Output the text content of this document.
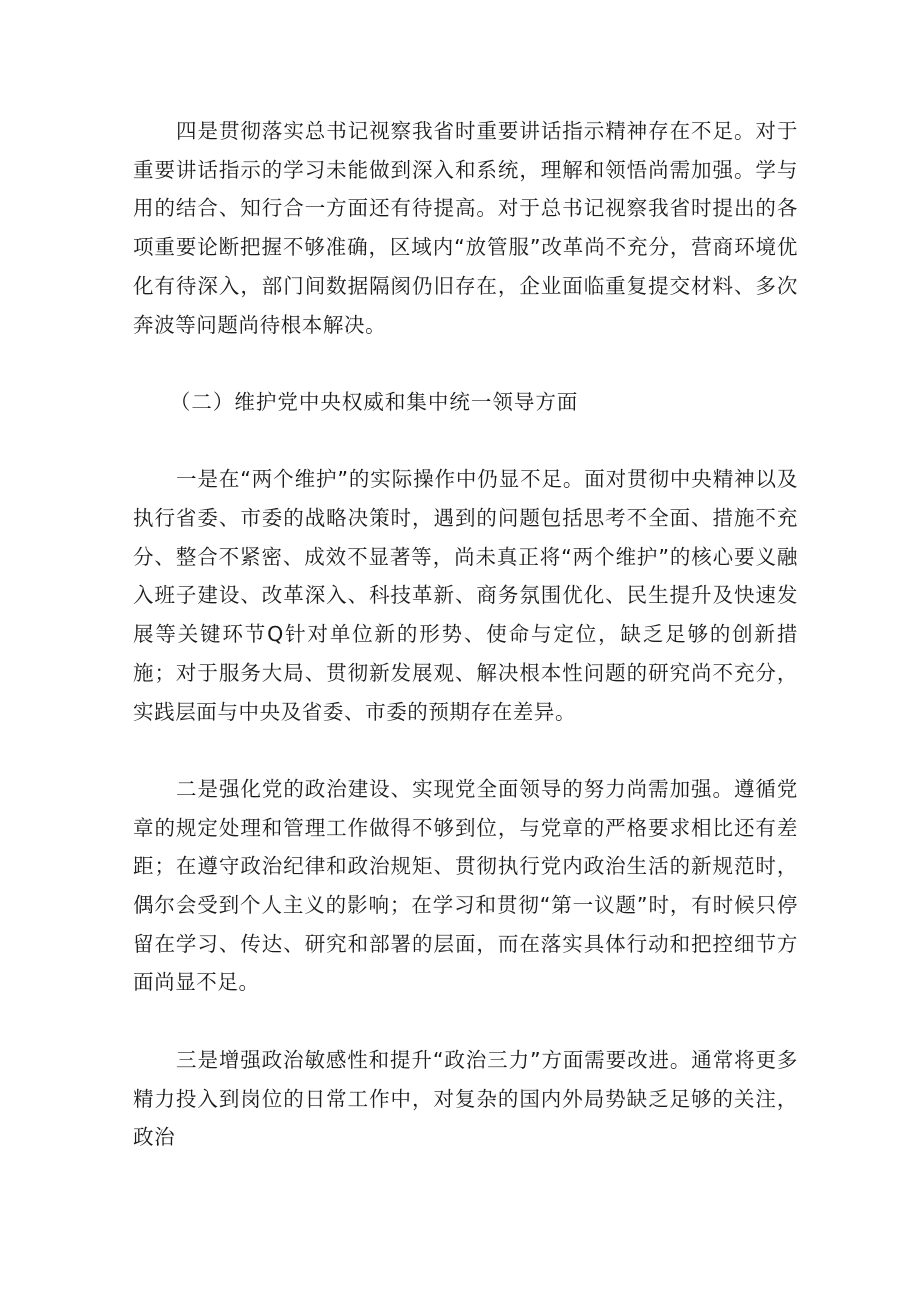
四是贯彻落实总书记视察我省时重要讲话指示精神存在不足。对于重要讲话指示的学习未能做到深入和系统，理解和领悟尚需加强。学与用的结合、知行合一方面还有待提高。对于总书记视察我省时提出的各项重要论断把握不够准确，区域内“放管服”改革尚不充分，营商环境优化有待深入，部门间数据隔阂仍旧存在，企业面临重复提交材料、多次奔波等问题尚待根本解决。

（二）维护党中央权威和集中统一领导方面

一是在“两个维护”的实际操作中仍显不足。面对贯彻中央精神以及执行省委、市委的战略决策时，遇到的问题包括思考不全面、措施不充分、整合不紧密、成效不显著等，尚未真正将“两个维护”的核心要义融入班子建设、改革深入、科技革新、商务氛围优化、民生提升及快速发展等关键环节Q针对单位新的形势、使命与定位，缺乏足够的创新措施；对于服务大局、贯彻新发展观、解决根本性问题的研究尚不充分，实践层面与中央及省委、市委的预期存在差异。

二是强化党的政治建设、实现党全面领导的努力尚需加强。遵循党章的规定处理和管理工作做得不够到位，与党章的严格要求相比还有差距；在遵守政治纪律和政治规矩、贯彻执行党内政治生活的新规范时，偶尔会受到个人主义的影响；在学习和贯彻“第一议题”时，有时候只停留在学习、传达、研究和部署的层面，而在落实具体行动和把控细节方面尚显不足。

三是增强政治敏感性和提升“政治三力”方面需要改进。通常将更多精力投入到岗位的日常工作中，对复杂的国内外局势缺乏足够的关注，政治
